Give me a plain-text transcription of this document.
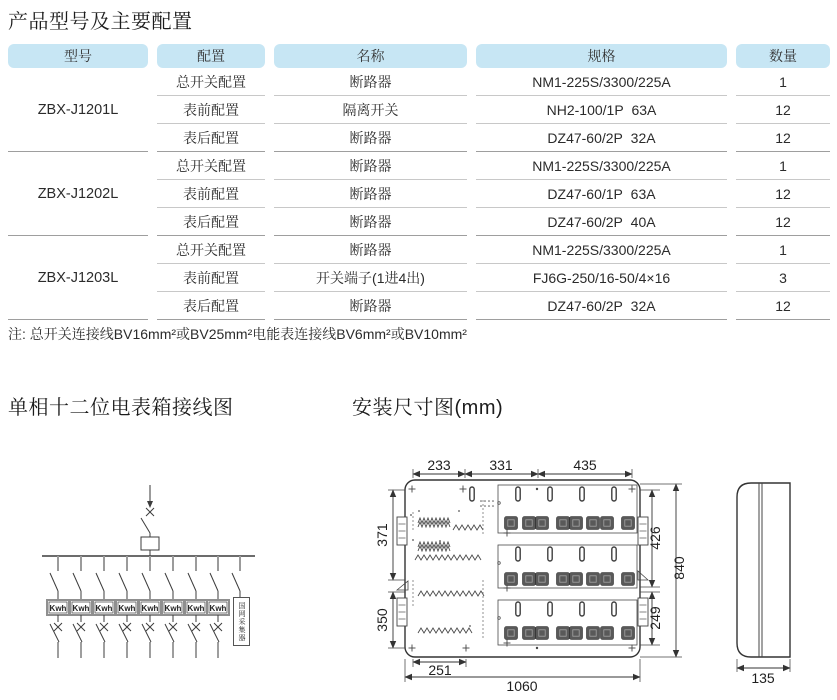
产品型号及主要配置
型号	配置	名称	规格	数量
ZBX-J1201L
总开关配置	断路器	NM1-225S/3300/225A	1
表前配置	隔离开关	NH2-100/1P  63A	12
表后配置	断路器	DZ47-60/2P  32A	12
ZBX-J1202L
总开关配置	断路器	NM1-225S/3300/225A	1
表前配置	断路器	DZ47-60/1P  63A	12
表后配置	断路器	DZ47-60/2P  40A	12
ZBX-J1203L
总开关配置	断路器	NM1-225S/3300/225A	1
表前配置	开关端子(1进4出)	FJ6G-250/16-50/4×16	3
表后配置	断路器	DZ47-60/2P  32A	12
注: 总开关连接线BV16mm²或BV25mm²电能表连接线BV6mm²或BV10mm²
单相十二位电表箱接线图	安装尺寸图(mm)
Kwh Kwh Kwh Kwh Kwh Kwh Kwh Kwh	国网采集器
233	331	435
371
350
426
249
840
251
1060	135
